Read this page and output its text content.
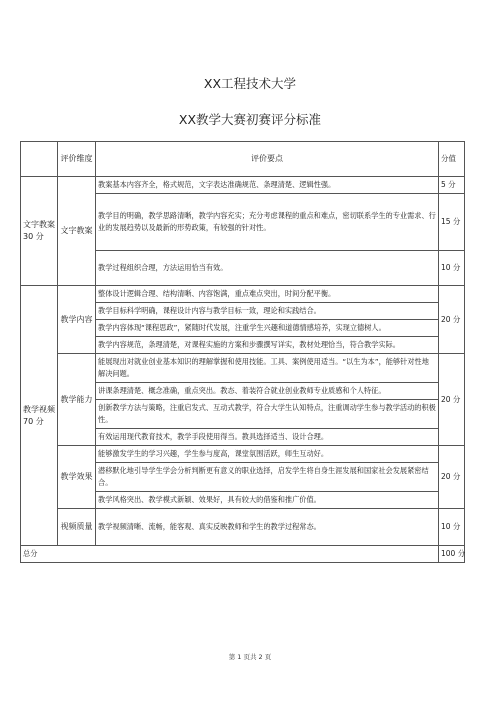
XX工程技术大学
XX教学大赛初赛评分标准
	评价维度	评价要点	分值
文字教案
30 分	文字教案	教案基本内容齐全，格式规范，文字表达准确规范、条理清楚、逻辑性强。	5 分
		教学目的明确，教学思路清晰，教学内容充实；充分考虑课程的重点和难点，密切联系学生的专业需求、行业的发展趋势以及最新的形势政策，有较强的针对性。	15 分
		教学过程组织合理，方法运用恰当有效。	10 分
教学视频 70 分	教学内容	整体设计逻辑合理、结构清晰、内容饱满，重点难点突出，时间分配平衡。	20 分
		教学目标科学明确，课程设计内容与教学目标一致，理论和实践结合。	
		教学内容体现“课程思政”，紧随时代发展，注重学生兴趣和道德情感培养，实现立德树人。	
		教学内容规范，条理清楚，对课程实施的方案和步骤撰写详实，教材处理恰当，符合教学实际。	
	教学能力	能展现出对就业创业基本知识的理解掌握和使用技能。工具、案例使用适当。“以生为本”，能够针对性地解决问题。	20 分
		讲课条理清楚、概念准确，重点突出。教态、着装符合就业创业教师专业质感和个人特征。	
		创新教学方法与策略，注重启发式、互动式教学，符合大学生认知特点，注重调动学生参与教学活动的积极性。	
		有效运用现代教育技术，教学手段使用得当。教具选择适当、设计合理。	
	教学效果	能够激发学生的学习兴趣，学生参与度高，课堂氛围活跃，师生互动好。	20 分
		潜移默化地引导学生学会分析判断更有意义的职业选择，启发学生将自身生涯发展和国家社会发展紧密结合。	
		教学风格突出、教学模式新颖、效果好，具有较大的借鉴和推广价值。	
	视频质量	教学视频清晰、流畅，能客观、真实反映教师和学生的教学过程常态。	10 分
总分			100 分
第 1 页共 2 页
